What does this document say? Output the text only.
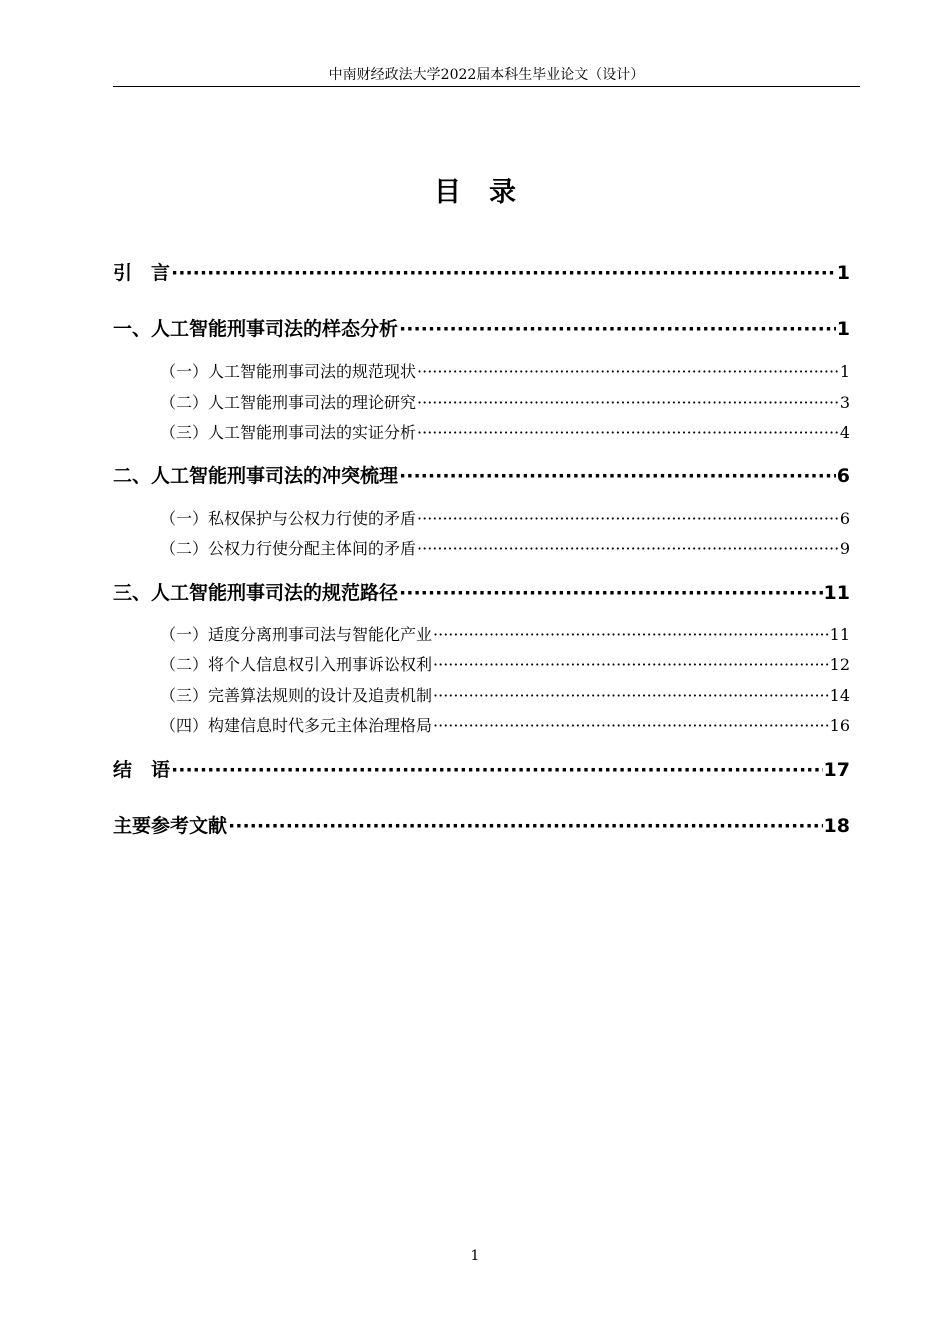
中南财经政法大学2022届本科生毕业论文（设计）
目录
引　言 ·····	1
一、人工智能刑事司法的样态分析 ·····	1
（一）人工智能刑事司法的规范现状 ·····	1
（二）人工智能刑事司法的理论研究 ·····	3
（三）人工智能刑事司法的实证分析 ·····	4
二、人工智能刑事司法的冲突梳理 ·····	6
（一）私权保护与公权力行使的矛盾 ·····	6
（二）公权力行使分配主体间的矛盾 ·····	9
三、人工智能刑事司法的规范路径 ·····	11
（一）适度分离刑事司法与智能化产业 ·····	11
（二）将个人信息权引入刑事诉讼权利 ·····	12
（三）完善算法规则的设计及追责机制 ·····	14
（四）构建信息时代多元主体治理格局 ·····	16
结　语 ·····	17
主要参考文献 ·····	18
1
